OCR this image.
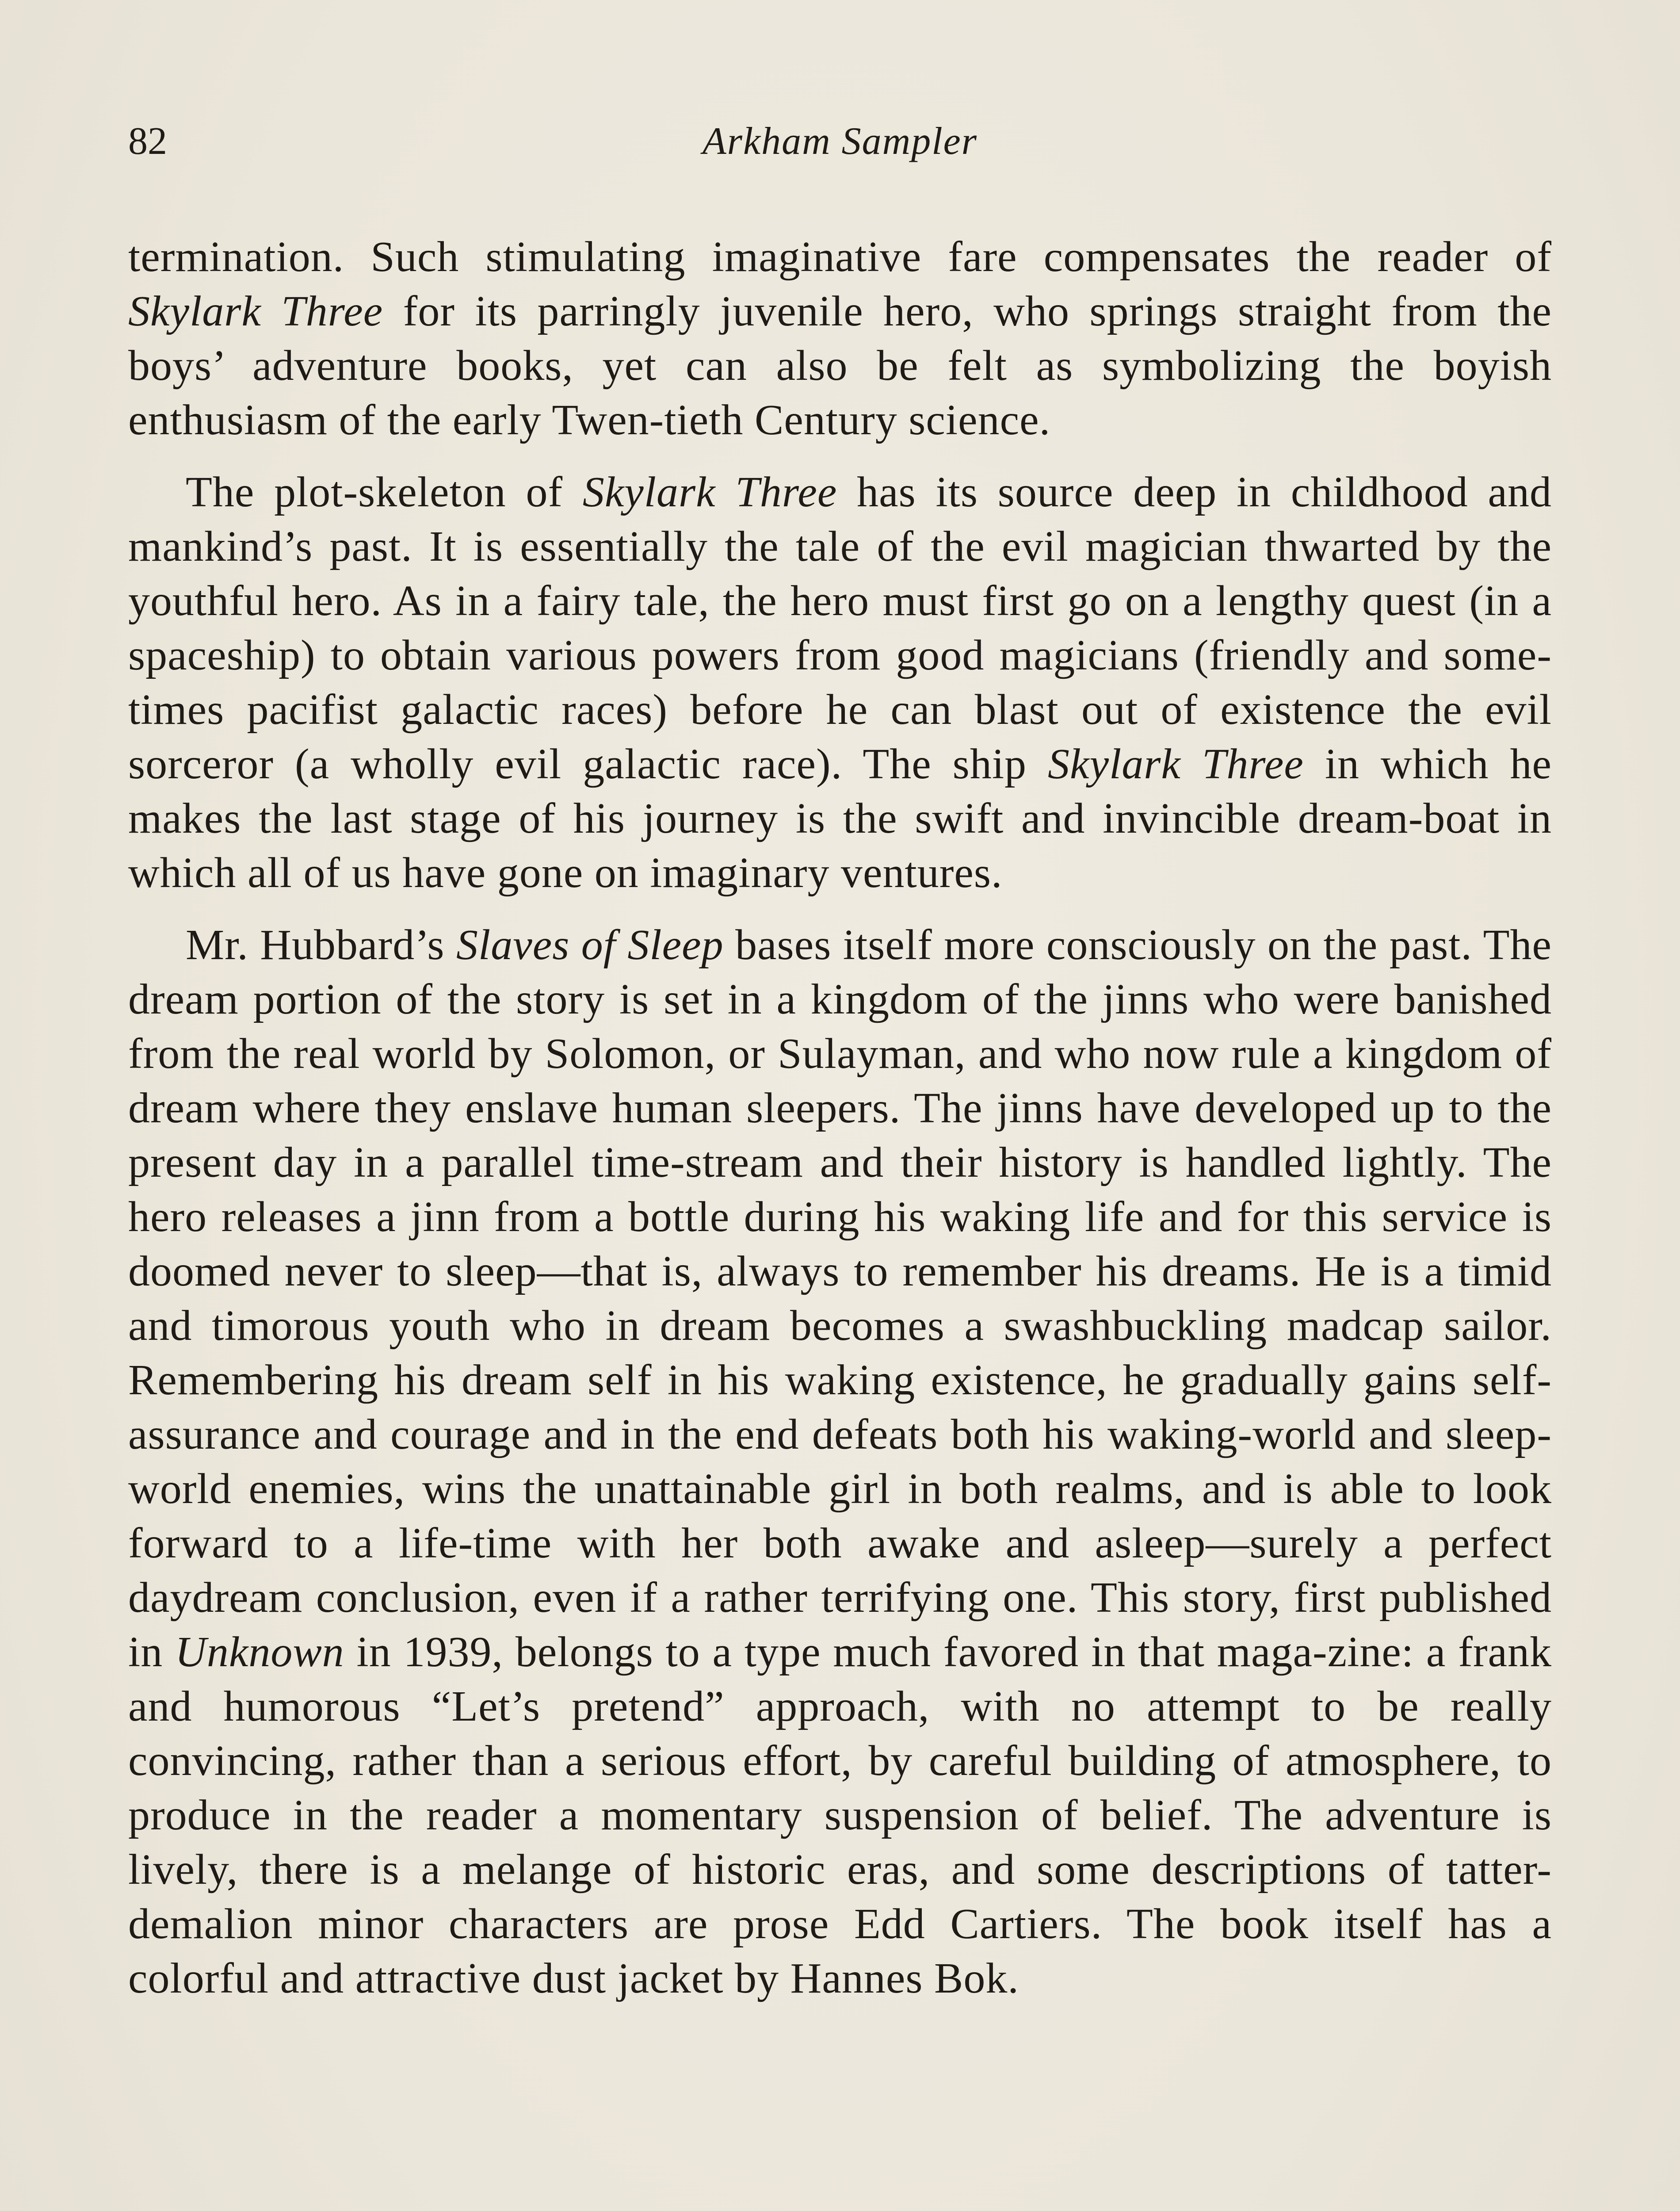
82	Arkham Sampler

termination. Such stimulating imaginative fare compensates the reader of Skylark Three for its parringly juvenile hero, who springs straight from the boys’ adventure books, yet can also be felt as symbolizing the boyish enthusiasm of the early Twen-tieth Century science.

The plot-skeleton of Skylark Three has its source deep in childhood and mankind’s past. It is essentially the tale of the evil magician thwarted by the youthful hero. As in a fairy tale, the hero must first go on a lengthy quest (in a spaceship) to obtain various powers from good magicians (friendly and some-times pacifist galactic races) before he can blast out of existence the evil sorceror (a wholly evil galactic race). The ship Skylark Three in which he makes the last stage of his journey is the swift and invincible dream-boat in which all of us have gone on imaginary ventures.

Mr. Hubbard’s Slaves of Sleep bases itself more consciously on the past. The dream portion of the story is set in a kingdom of the jinns who were banished from the real world by Solomon, or Sulayman, and who now rule a kingdom of dream where they enslave human sleepers. The jinns have developed up to the present day in a parallel time-stream and their history is handled lightly. The hero releases a jinn from a bottle during his waking life and for this service is doomed never to sleep—that is, always to remember his dreams. He is a timid and timorous youth who in dream becomes a swashbuckling madcap sailor. Remembering his dream self in his waking existence, he gradually gains self-assurance and courage and in the end defeats both his waking-world and sleep-world enemies, wins the unattainable girl in both realms, and is able to look forward to a life-time with her both awake and asleep—surely a perfect daydream conclusion, even if a rather terrifying one. This story, first published in Unknown in 1939, belongs to a type much favored in that maga-zine: a frank and humorous “Let’s pretend” approach, with no attempt to be really convincing, rather than a serious effort, by careful building of atmosphere, to produce in the reader a momentary suspension of belief. The adventure is lively, there is a melange of historic eras, and some descriptions of tatter-demalion minor characters are prose Edd Cartiers. The book itself has a colorful and attractive dust jacket by Hannes Bok.
